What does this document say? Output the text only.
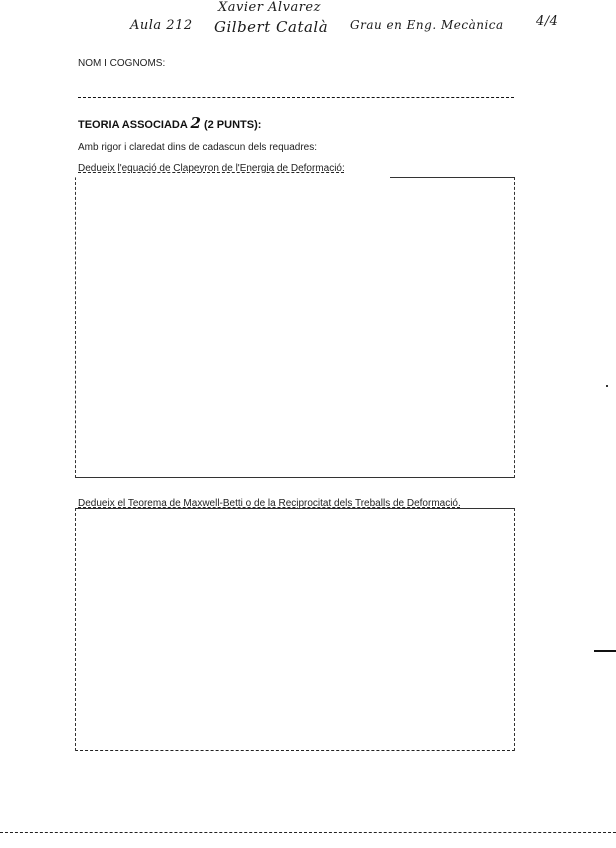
Xavier Alvarez
Aula 212 Gilbert Català Grau en Eng. Mecànica 4/4
NOM I COGNOMS:
TEORIA ASSOCIADA 2 (2 PUNTS):
Amb rigor i claredat dins de cadascun dels requadres:
Dedueix l'equació de Clapeyron de l'Energia de Deformació:
Dedueix el Teorema de Maxwell-Betti o de la Reciprocitat dels Treballs de Deformació.
